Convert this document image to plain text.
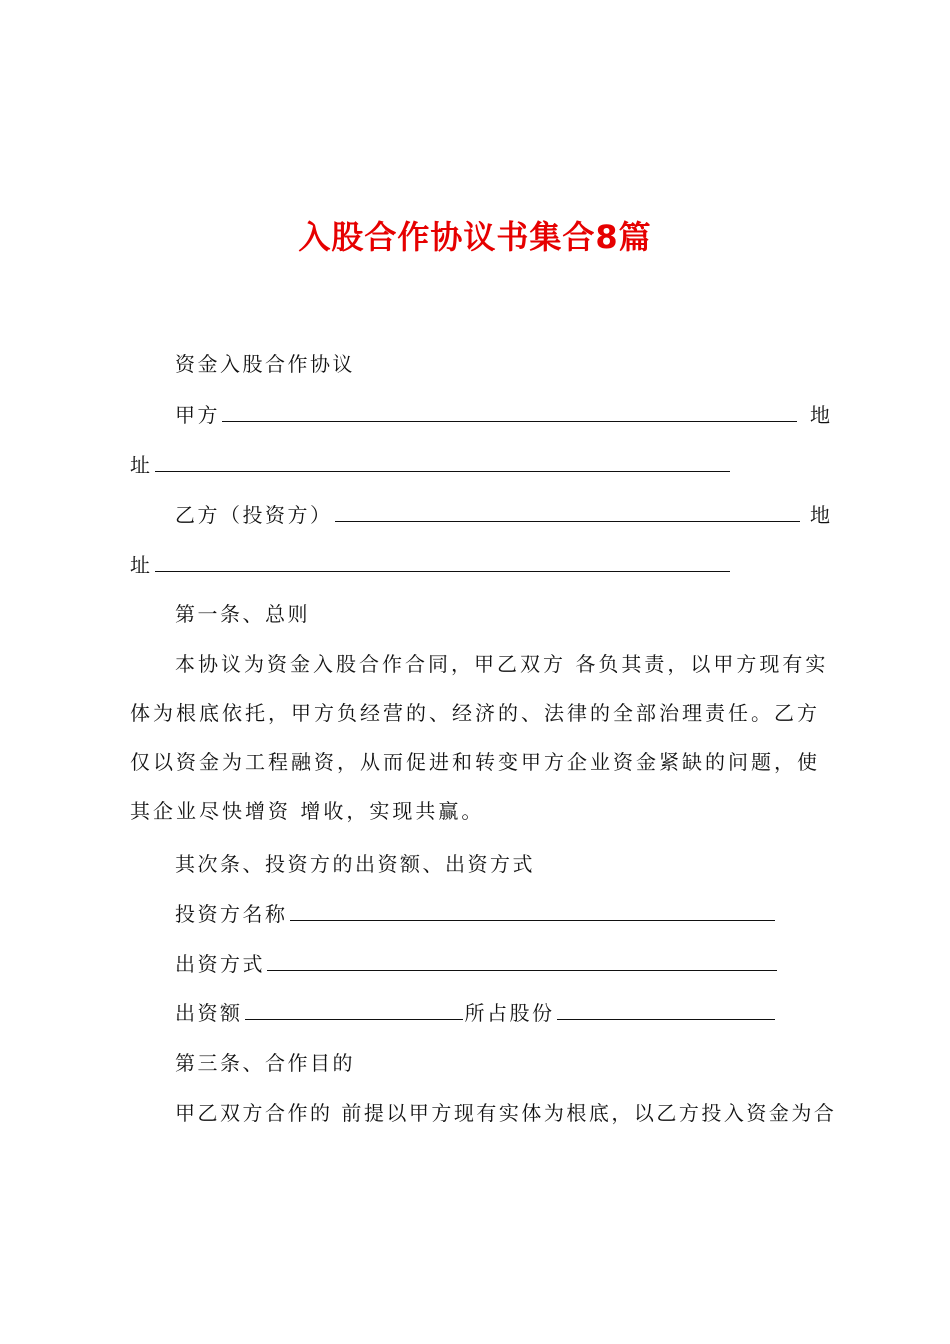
入股合作协议书集合8篇
资金入股合作协议
甲方	地
址
乙方（投资方）	地
址
第一条、总则
本协议为资金入股合作合同，甲乙双方 各负其责，以甲方现有实体为根底依托，甲方负经营的、经济的、法律的全部治理责任。乙方仅以资金为工程融资，从而促进和转变甲方企业资金紧缺的问题，使其企业尽快增资 增收，实现共赢。
其次条、投资方的出资额、出资方式
投资方名称
出资方式
出资额	所占股份
第三条、合作目的
甲乙双方合作的 前提以甲方现有实体为根底，以乙方投入资金为合
